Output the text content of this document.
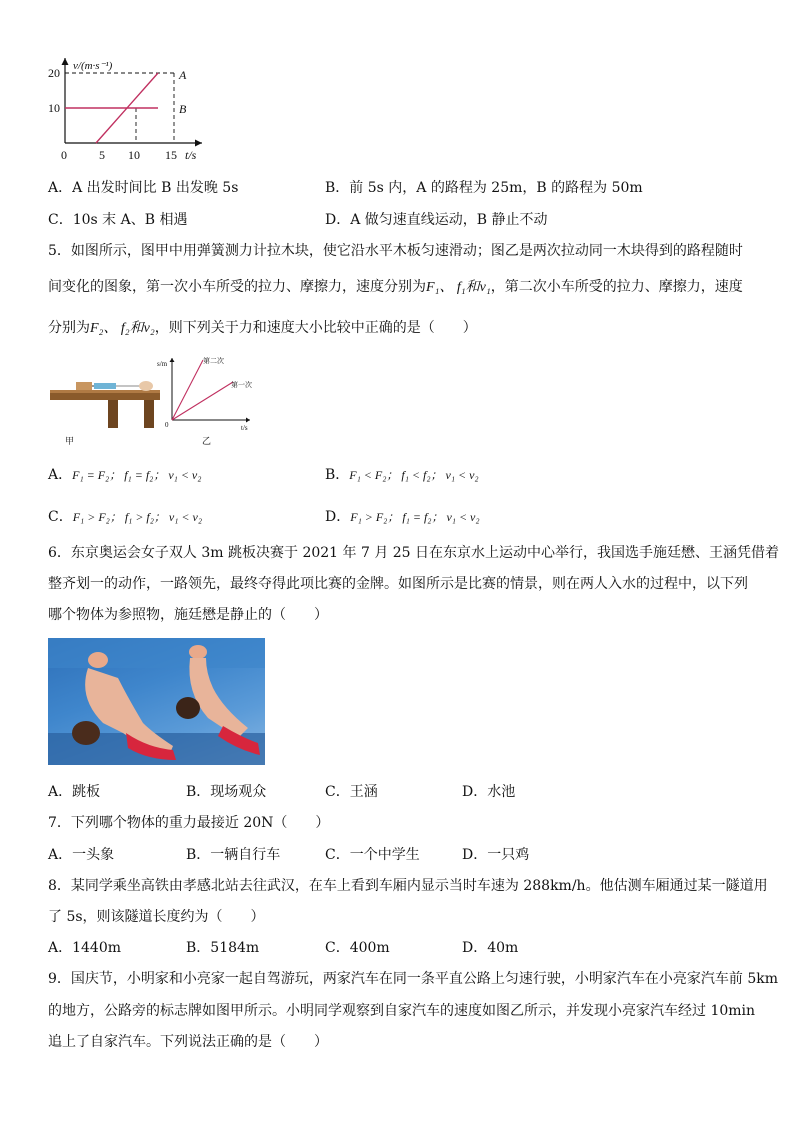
v/(m·s⁻¹)
20
10
0	5 10 15 t/s
A
B
A．A 出发时间比 B 出发晚 5s	B．前 5s 内，A 的路程为 25m，B 的路程为 50m
C．10s 末 A、B 相遇	D．A 做匀速直线运动，B 静止不动
5．如图所示，图甲中用弹簧测力计拉木块，使它沿水平木板匀速滑动；图乙是两次拉动同一木块得到的路程随时
间变化的图象，第一次小车所受的拉力、摩擦力，速度分别为F₁、 f₁和v₁，第二次小车所受的拉力、摩擦力，速度
分别为F₂、 f₂和v₂，则下列关于力和速度大小比较中正确的是（　　）
甲
s/m
t/s
0
第二次
第一次
乙
A．F₁ = F₂； f₁ = f₂； v₁ < v₂	B．F₁ < F₂； f₁ < f₂； v₁ < v₂
C．F₁ > F₂； f₁ > f₂； v₁ < v₂	D．F₁ > F₂； f₁ = f₂； v₁ < v₂
6．东京奥运会女子双人 3m 跳板决赛于 2021 年 7 月 25 日在东京水上运动中心举行，我国选手施廷懋、王涵凭借着
整齐划一的动作，一路领先，最终夺得此项比赛的金牌。如图所示是比赛的情景，则在两人入水的过程中，以下列
哪个物体为参照物，施廷懋是静止的（　　）
A．跳板	B．现场观众	C．王涵	D．水池
7．下列哪个物体的重力最接近 20N（　　）
A．一头象	B．一辆自行车	C．一个中学生	D．一只鸡
8．某同学乘坐高铁由孝感北站去往武汉，在车上看到车厢内显示当时车速为 288km/h。他估测车厢通过某一隧道用
了 5s，则该隧道长度约为（　　）
A．1440m	B．5184m	C．400m	D．40m
9．国庆节，小明家和小亮家一起自驾游玩，两家汽车在同一条平直公路上匀速行驶，小明家汽车在小亮家汽车前 5km
的地方，公路旁的标志牌如图甲所示。小明同学观察到自家汽车的速度如图乙所示，并发现小亮家汽车经过 10min
追上了自家汽车。下列说法正确的是（　　）
